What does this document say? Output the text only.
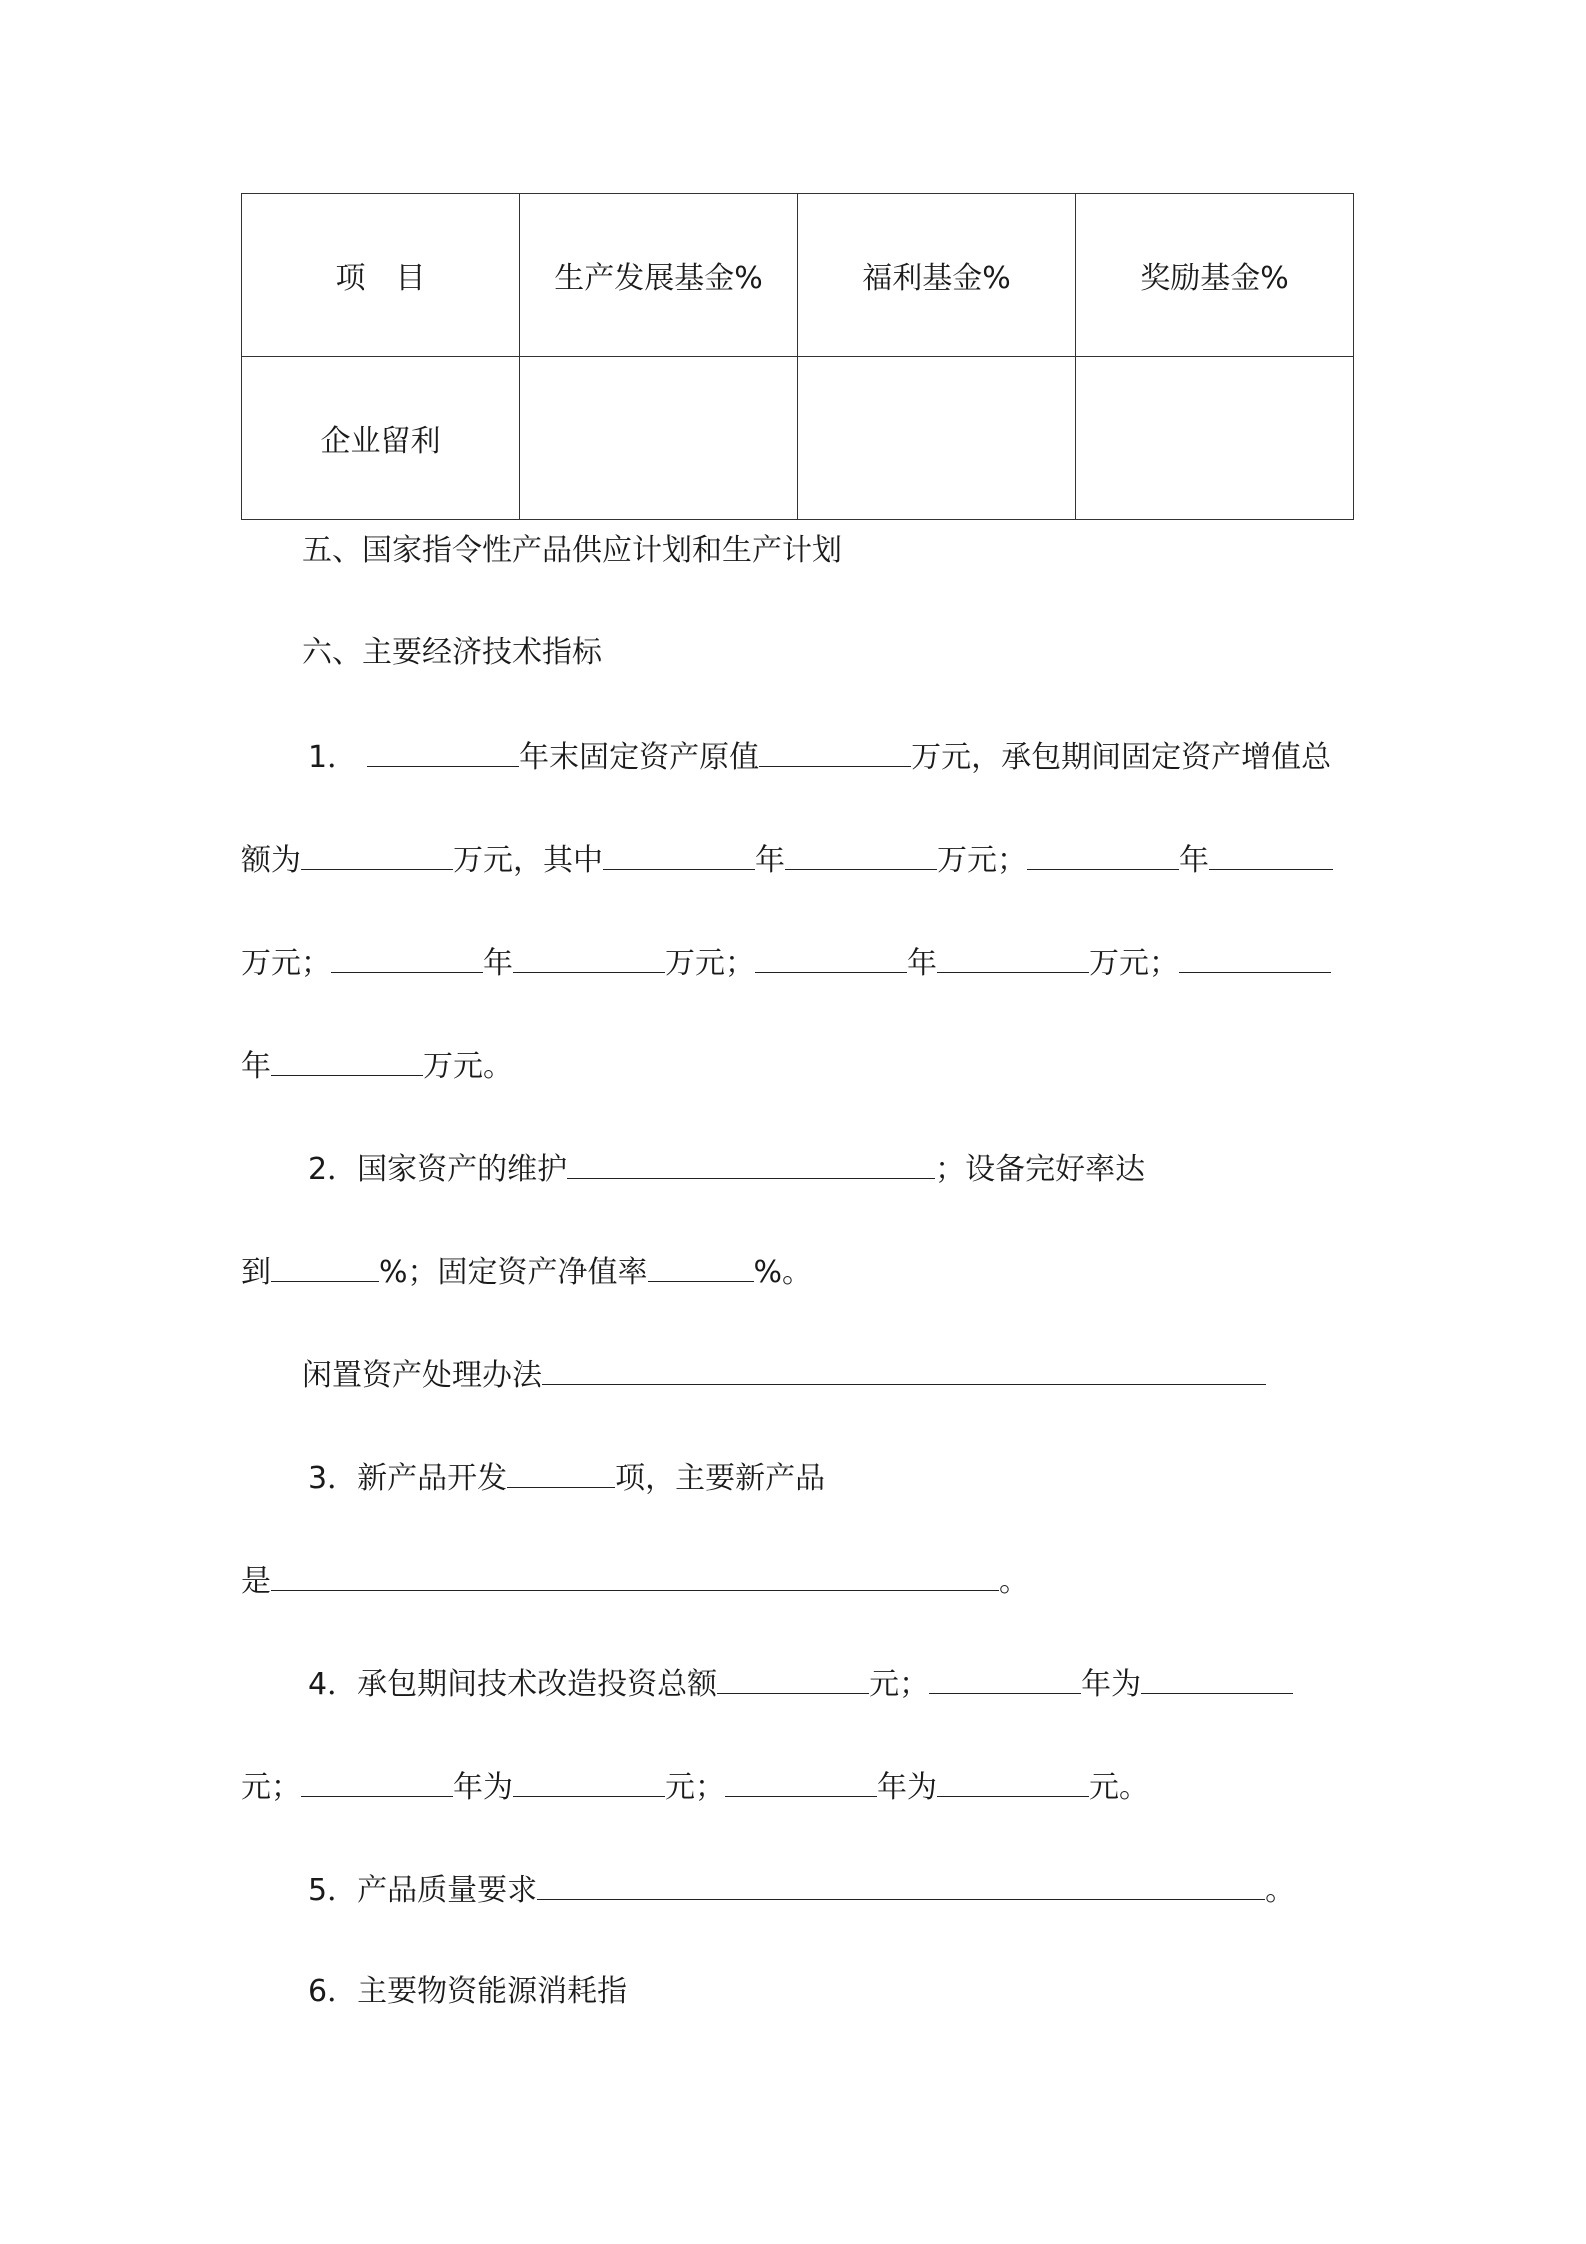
项　目	生产发展基金%	福利基金%	奖励基金%
企业留利			
五、国家指令性产品供应计划和生产计划
六、主要经济技术指标
1．	年末固定资产原值	万元，承包期间固定资产增值总
额为	万元，其中	年	万元；	年
万元；	年	万元；	年	万元；
年	万元。
2．国家资产的维护	；设备完好率达
到	%；固定资产净值率	%。
闲置资产处理办法
3．新产品开发	项，主要新产品
是	。
4．承包期间技术改造投资总额	元；	年为
元；	年为	元；	年为	元。
5．产品质量要求	。
6．主要物资能源消耗指
